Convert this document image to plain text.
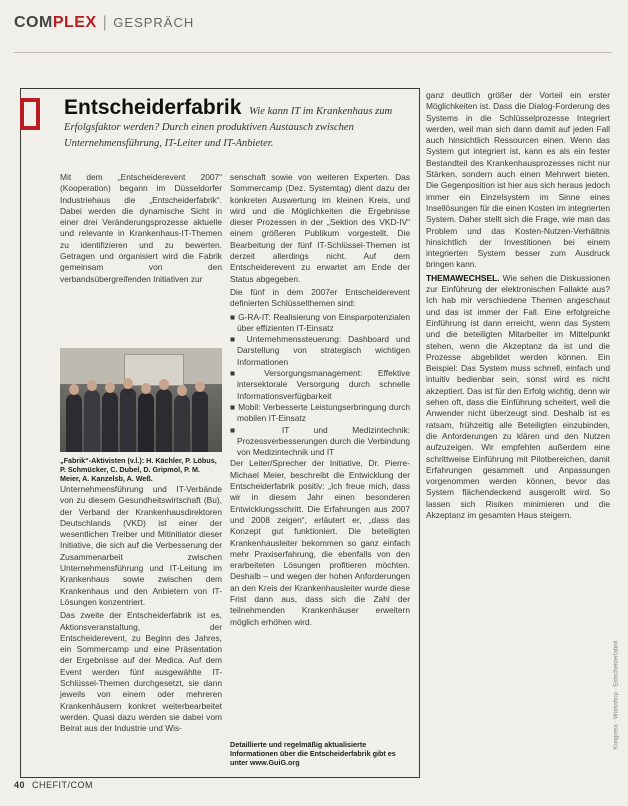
COMPLEX | GESPRÄCH
Entscheiderfabrik Wie kann IT im Krankenhaus zum Erfolgsfaktor werden? Durch einen produktiven Austausch zwischen Unternehmensführung, IT-Leiter und IT-Anbieter.

Mit dem „Entscheiderevent 2007“ (Kooperation) begann im Düsseldorfer Industriehaus die „Entscheiderfabrik“. Dabei werden die dynamische Sicht in einer drei Veränderungsprozesse aktuelle und relevante in Krankenhaus-IT-Themen zu identifizieren und zu bewerten. Getragen und organisiert wird die Fabrik gemeinsam von den verbandsübergreifenden Initiativen zur

„Fabrik“-Aktivisten (v.l.): H. Kächler, P. Löbus, P. Schmücker, C. Dubel, D. Gripmol, P. M. Meier, A. Kanzelsb, A. Weß.

Unternehmensführung und IT-Verbände von zu diesem Gesundheitswirtschaft (Bu), der Verband der Krankenhausdirektoren Deutschlands (VKD) ist einer der wesentlichen Treiber und Mitinitiator dieser Initiative, die sich auf die Verbesserung der Zusammenarbeit zwischen Unternehmensführung und IT-Leitung im Krankenhaus sowie zwischen dem Krankenhaus und den Anbietern von IT-Lösungen konzentriert.

Das zweite der Entscheiderfabrik ist es, Aktionsveranstaltung, der Entscheiderevent, zu Beginn des Jahres, ein Sommercamp und eine Präsentation der Ergebnisse auf der Medica. Auf dem Event werden fünf ausgewählte IT-Schlüssel-Themen durchgesetzt, sie dann jeweils von einem oder mehreren Krankenhäusern konkret weiterbearbeitet werden. Quasi dazu werden sie dabei vom Beirat aus der Industrie und Wis-

senschaft sowie von weiteren Experten. Das Sommercamp (Dez. Systemtag) dient dazu der konkreten Auswertung im kleinen Kreis, und wird und die Möglichkeiten die Ergebnisse dieser Prozessen in der „Sektion des VKD-IV“ einem größeren Publikum vorgestellt. Die Bearbeitung der fünf IT-Schlüssel-Themen ist derzeit allerdings nicht. Auf dem Entscheiderevent zu erwartet am Ende der Status abgegeben.

Die fünf in dem 2007er Entscheiderevent definierten Schlüsselthemen sind:

■ G-RA-IT: Realisierung von Einsparpotenzialen über effizienten IT-Einsatz
■ Unternehmenssteuerung: Dashboard und Darstellung von strategisch wichtigen Informationen
■ Versorgungsmanagement: Effektive intersektorale Versorgung durch schnelle Informationsverfügbarkeit
■ Mobil: Verbesserte Leistungserbringung durch mobilen IT-Einsatz
■ IT und Medizintechnik: Prozessverbesserungen durch die Verbindung von Medizintechnik und IT

Der Leiter/Sprecher der Initiative, Dr. Pierre-Michael Meier, beschreibt die Entwicklung der Entscheiderfabrik positiv: „Ich freue mich, dass wir in diesem Jahr einen besonderen Entwicklungsschritt. Die Erfahrungen aus 2007 und 2008 zeigen“, erläutert er, „dass das Konzept gut funktioniert. Die beteiligten Krankenhausleiter bekommen so ganz einfach mehr Praxiserfahrung, die ebenfalls von den erarbeiteten Lösungen profitieren möchten. Deshalb – und wegen der hohen Anforderungen an den Kreis der Krankenhausleiter wurde diese Frist dann aus, dass sich die Zahl der teilnehmenden Krankenhäuser erweitern möglich erhöhen wird.

Detaillierte und regelmäßig aktualisierte Informationen über die Entscheiderfabrik gibt es unter www.GuiG.org

ganz deutlich größer der Vorteil ein erster Möglichkeiten ist. Dass die Dialog-Forderung des Systems in die Schlüsselprozesse Integriert werden, weil man sich dann damit auf jeden Fall auch hinsichtlich Ressourcen einen. Wenn das System gut integriert ist, kann es als ein fester Bestandteil des Krankenhausprozesses nicht nur Stärken, sondern auch einen Mehrwert bieten. Die Gegenposition ist hier aus sich heraus jedoch immer ein Einzelsystem im Sinne eines Insellösungen für die einen Kosten im integrierten System. Daher stellt sich die Frage, wie man das Problem und das Kosten-Nutzen-Verhältnis hinsichtlich der Investitionen bei einem integrierten System besser zum Ausdruck bringen kann.

THEMAWECHSEL. Wie sehen die Diskussionen zur Einführung der elektronischen Fallakte aus? Ich hab mir verschiedene Themen angeschaut und das ist immer der Fall. Eine erfolgreiche Einführung ist dann erreicht, wenn das System und die beteiligten Mitarbeiter im Mittelpunkt stehen, wenn die Akzeptanz da ist und die Prozesse abgebildet werden können. Ein Beispiel: Das System muss schnell, einfach und intuitiv bedienbar sein, sonst wird es nicht akzeptiert. Das ist für den Erfolg wichtig, denn wir sehen oft, dass die Einführung scheitert, weil die Anwender nicht überzeugt sind. Deshalb ist es ratsam, frühzeitig alle Beteiligten einzubinden, die Anforderungen zu klären und den Nutzen aufzuzeigen. Wir empfehlen außerdem eine schrittweise Einführung mit Pilotbereichen, damit Erfahrungen gesammelt und Anpassungen vorgenommen werden können, bevor das System flächendeckend ausgerollt wird. So lassen sich Risiken minimieren und die Akzeptanz im gesamten Haus steigern.

Kongress · Workshop · Entscheiderfabrik
40 CHEFIT/COM
